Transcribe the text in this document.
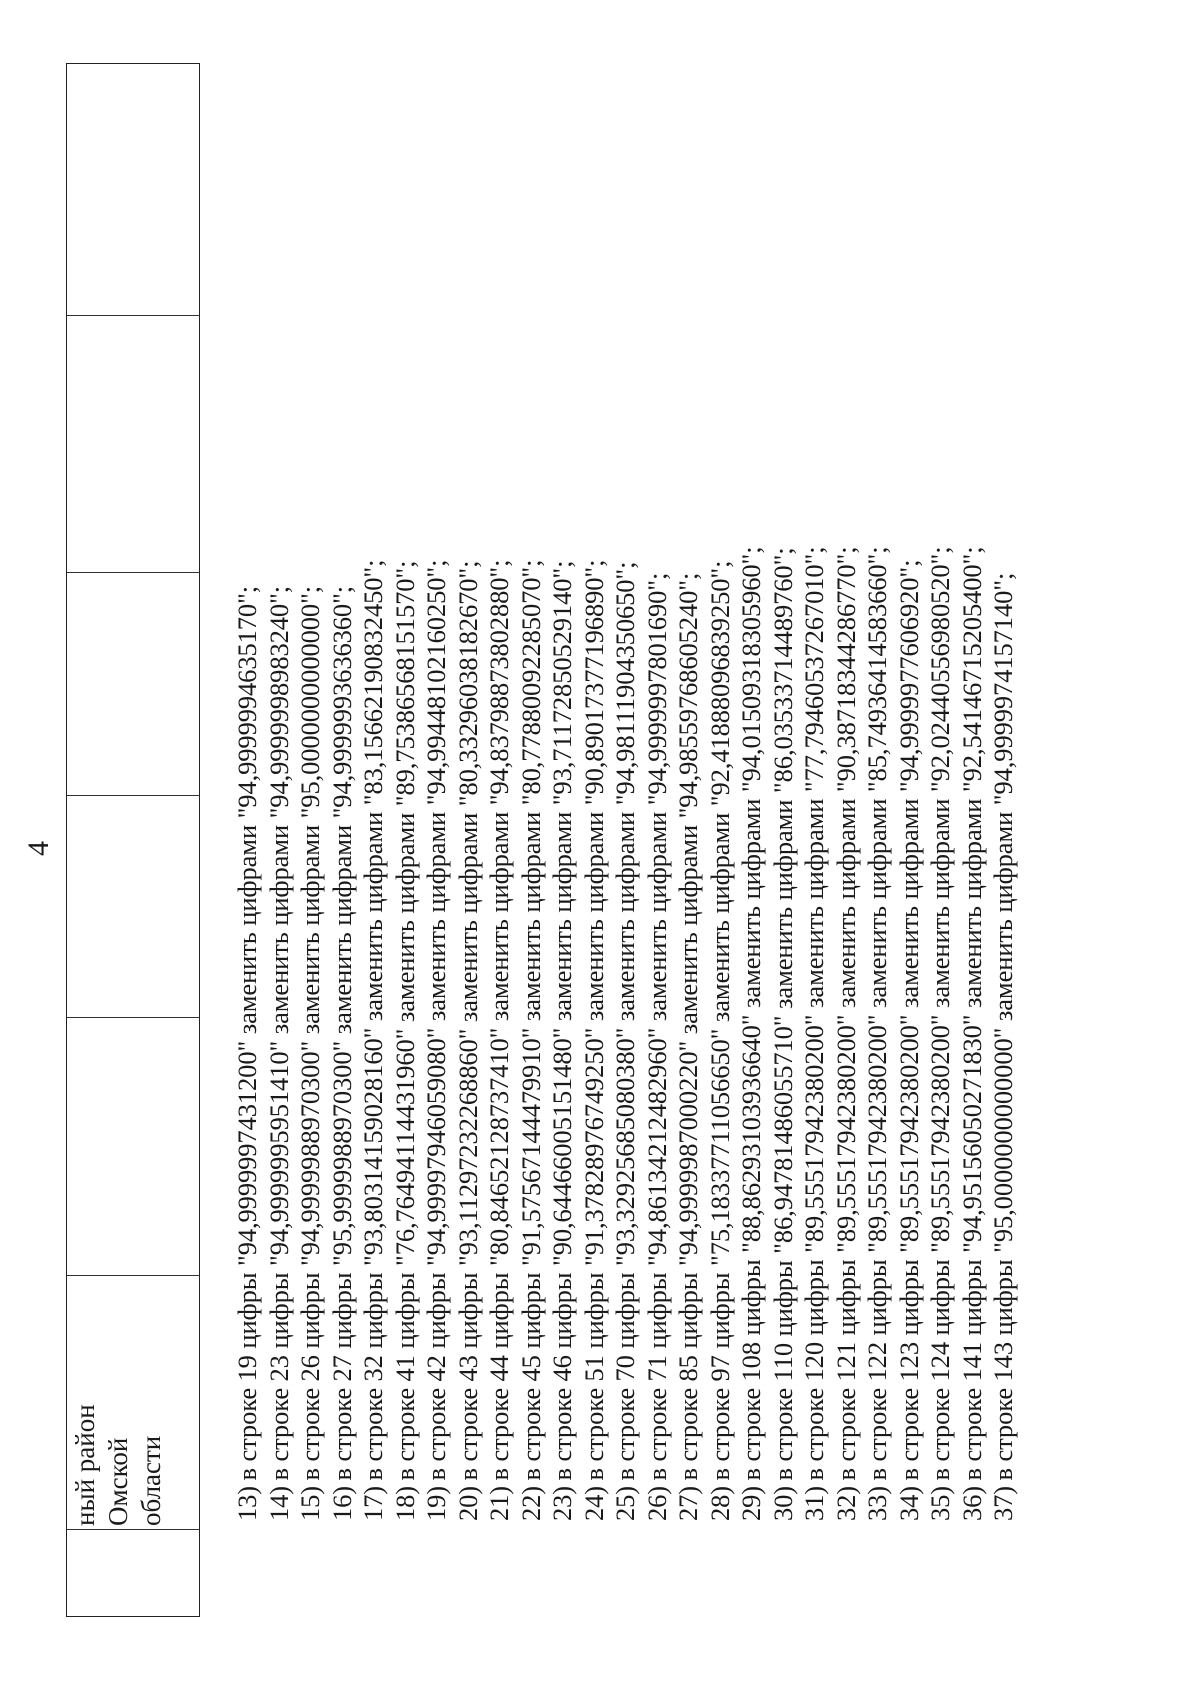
4
ный район Омской области 13) в строке 19 цифры "94,9999997431200" заменить цифрами "94,9999994635170";
14) в строке 23 цифры "94,9999995951410" заменить цифрами "94,9999998983240";
15) в строке 26 цифры "94,9999988970300" заменить цифрами "95,0000000000000";
16) в строке 27 цифры "95,9999988970300" заменить цифрами "94,9999993636360";
17) в строке 32 цифры "93,80314159028160" заменить цифрами "83,15662190832450";
18) в строке 41 цифры "76,76494114431960" заменить цифрами "89,75386568151570";
19) в строке 42 цифры "94,99997946059080" заменить цифрами "94,99448102160250";
20) в строке 43 цифры "93,11297232268860" заменить цифрами "80,33296038182670";
21) в строке 44 цифры "80,84652128737410" заменить цифрами "94,83798873802880";
22) в строке 45 цифры "91,57567144479910" заменить цифрами "80,77880092285070";
23) в строке 46 цифры "90,64466005151480" заменить цифрами "93,71172850529140";
24) в строке 51 цифры "91,37828976749250" заменить цифрами "90,89017377196890";
25) в строке 70 цифры "93,32925685080380" заменить цифрами "94,98111904350650";
26) в строке 71 цифры "94,86134212482960" заменить цифрами "94,9999997801690";
27) в строке 85 цифры "94,9999987000220" заменить цифрами "94,98559768605240";
28) в строке 97 цифры "75,18337711056650" заменить цифрами "92,41888096839250";
29) в строке 108 цифры "88,86293103936640" заменить цифрами "94,01509318305960";
30) в строке 110 цифры "86,94781486055710" заменить цифрами "86,03533714489760";
31) в строке 120 цифры "89,55517942380200" заменить цифрами "77,79460537267010";
32) в строке 121 цифры "89,55517942380200" заменить цифрами "90,38718344286770";
33) в строке 122 цифры "89,55517942380200" заменить цифрами "85,74936414583660";
34) в строке 123 цифры "89,55517942380200" заменить цифрами "94,9999977606920";
35) в строке 124 цифры "89,55517942380200" заменить цифрами "92,02440556980520";
36) в строке 141 цифры "94,95156050271830" заменить цифрами "92,54146715205400";
37) в строке 143 цифры "95,0000000000000" заменить цифрами "94,9999974157140";
